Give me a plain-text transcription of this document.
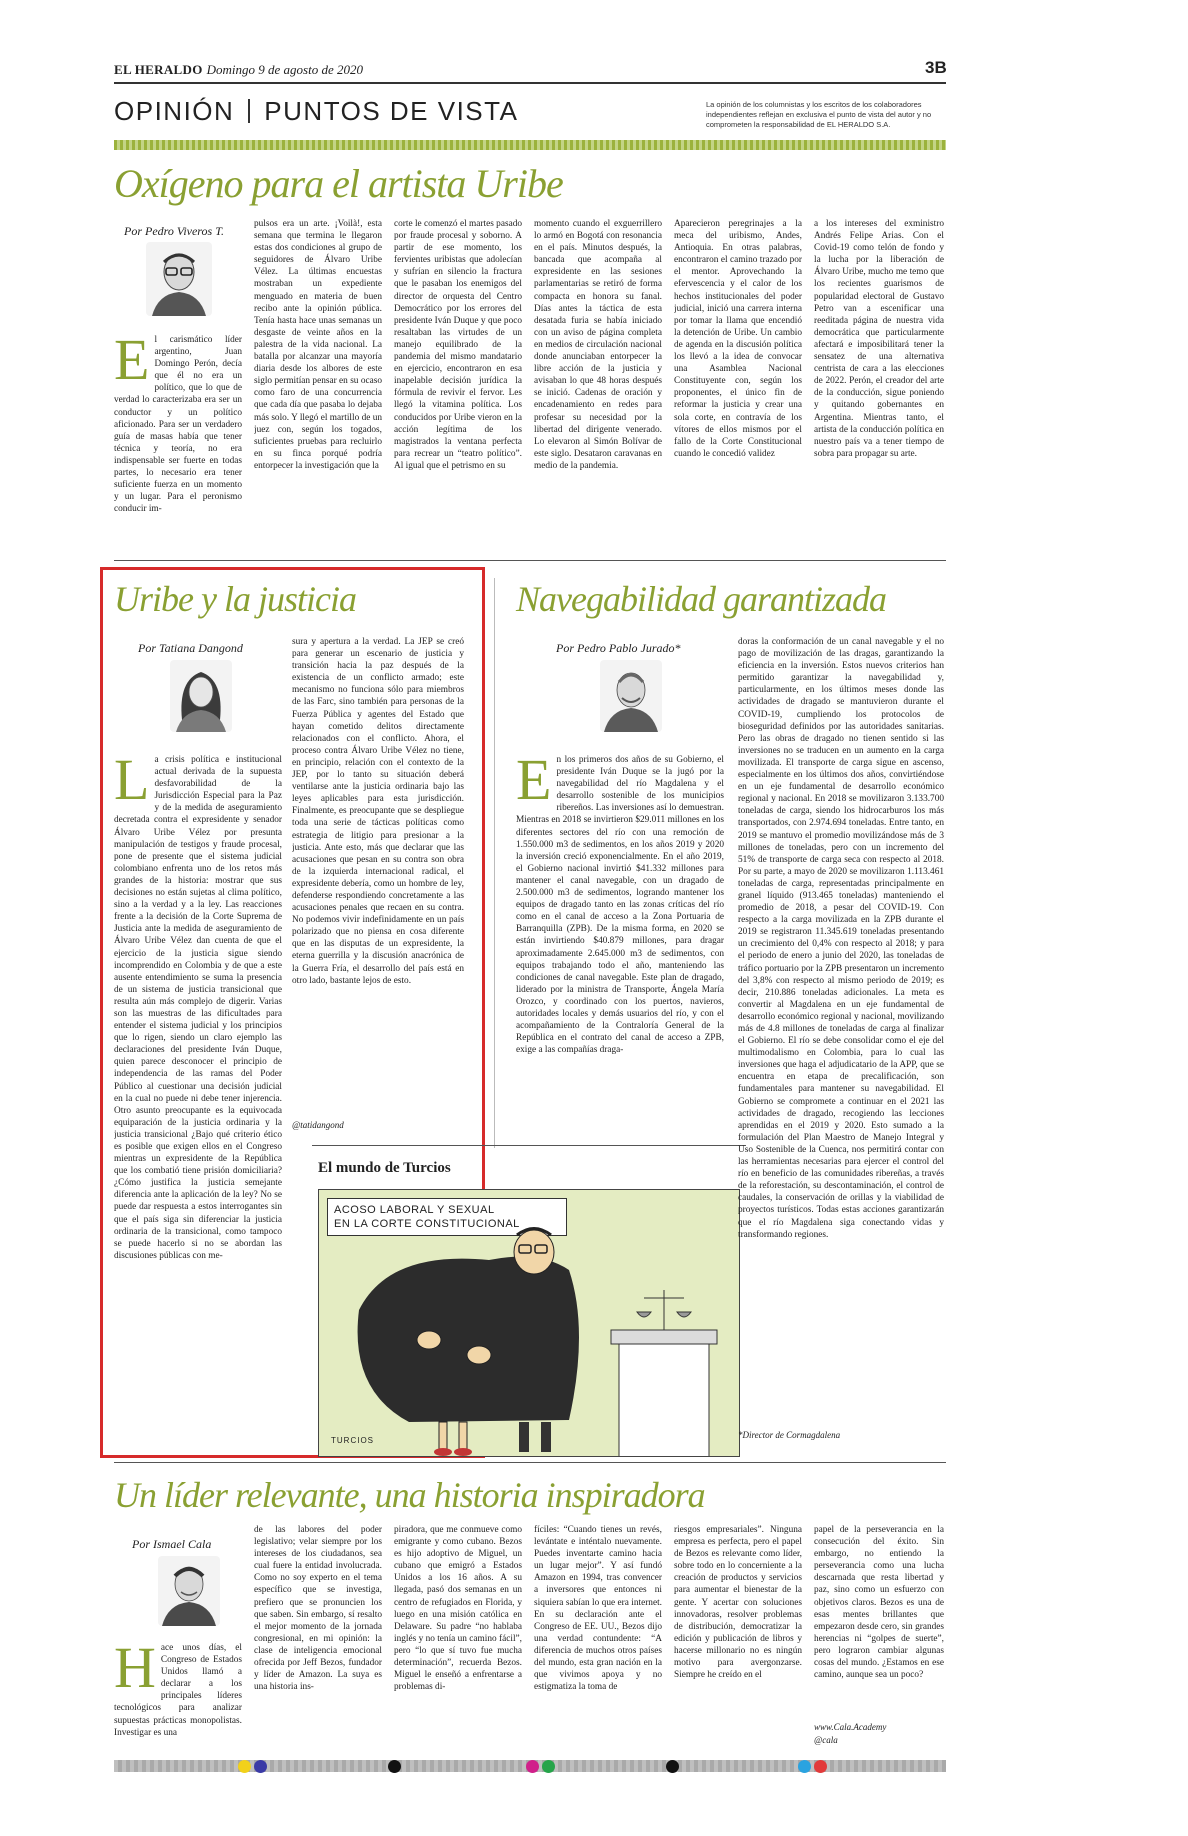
EL HERALDO Domingo 9 de agosto de 2020	3B
OPINIÓN PUNTOS DE VISTA	La opinión de los columnistas y los escritos de los colaboradores independientes reflejan en exclusiva el punto de vista del autor y no comprometen la responsabilidad de EL HERALDO S.A.
Oxígeno para el artista Uribe
Por Pedro Viveros T.
El carismático líder argentino, Juan Domingo Perón, decía que él no era un político, que lo que de verdad lo caracterizaba era ser un conductor y un político aficionado. Para ser un verdadero guía de masas había que tener técnica y teoría, no era indispensable ser fuerte en todas partes, lo necesario era tener suficiente fuerza en un momento y un lugar. Para el peronismo conducir im-
pulsos era un arte. ¡Voilà!, esta semana que termina le llegaron estas dos condiciones al grupo de seguidores de Álvaro Uribe Vélez. La últimas encuestas mostraban un expediente menguado en materia de buen recibo ante la opinión pública. Tenía hasta hace unas semanas un desgaste de veinte años en la palestra de la vida nacional. La batalla por alcanzar una mayoría diaria desde los albores de este siglo permitían pensar en su ocaso como faro de una concurrencia que cada día que pasaba lo dejaba más solo. Y llegó el martillo de un juez con, según los togados, suficientes pruebas para recluirlo en su finca porqué podría entorpecer la investigación que la
corte le comenzó el martes pasado por fraude procesal y soborno. A partir de ese momento, los fervientes uribistas que adolecían y sufrían en silencio la fractura que le pasaban los enemigos del director de orquesta del Centro Democrático por los errores del presidente Iván Duque y que poco resaltaban las virtudes de un manejo equilibrado de la pandemia del mismo mandatario en ejercicio, encontraron en esa inapelable decisión jurídica la fórmula de revivir el fervor. Les llegó la vitamina política. Los conducidos por Uribe vieron en la acción legítima de los magistrados la ventana perfecta para recrear un “teatro político”. Al igual que el petrismo en su
momento cuando el exguerrillero lo armó en Bogotá con resonancia en el país. Minutos después, la bancada que acompaña al expresidente en las sesiones parlamentarias se retiró de forma compacta en honora su fanal. Días antes la táctica de esta desatada furia se había iniciado con un aviso de página completa en medios de circulación nacional donde anunciaban entorpecer la libre acción de la justicia y avisaban lo que 48 horas después se inició. Cadenas de oración y encadenamiento en redes para profesar su necesidad por la libertad del dirigente venerado. Lo elevaron al Simón Bolívar de este siglo. Desataron caravanas en medio de la pandemia.
Aparecieron peregrinajes a la meca del uribismo, Andes, Antioquia. En otras palabras, encontraron el camino trazado por el mentor. Aprovechando la efervescencia y el calor de los hechos institucionales del poder judicial, inició una carrera interna por tomar la llama que encendió la detención de Uribe. Un cambio de agenda en la discusión política los llevó a la idea de convocar una Asamblea Nacional Constituyente con, según los proponentes, el único fin de reformar la justicia y crear una sola corte, en contravía de los vítores de ellos mismos por el fallo de la Corte Constitucional cuando le concedió validez
a los intereses del exministro Andrés Felipe Arias. Con el Covid-19 como telón de fondo y la lucha por la liberación de Álvaro Uribe, mucho me temo que los recientes guarismos de popularidad electoral de Gustavo Petro van a escenificar una reeditada página de nuestra vida democrática que particularmente afectará e imposibilitará tener la sensatez de una alternativa centrista de cara a las elecciones de 2022. Perón, el creador del arte de la conducción, sigue poniendo y quitando gobernantes en Argentina. Mientras tanto, el artista de la conducción política en nuestro país va a tener tiempo de sobra para propagar su arte.
Uribe y la justicia
Por Tatiana Dangond
La crisis política e institucional actual derivada de la supuesta desfavorabilidad de la Jurisdicción Especial para la Paz y de la medida de aseguramiento decretada contra el expresidente y senador Álvaro Uribe Vélez por presunta manipulación de testigos y fraude procesal, pone de presente que el sistema judicial colombiano enfrenta uno de los retos más grandes de la historia: mostrar que sus decisiones no están sujetas al clima político, sino a la verdad y a la ley. Las reacciones frente a la decisión de la Corte Suprema de Justicia ante la medida de aseguramiento de Álvaro Uribe Vélez dan cuenta de que el ejercicio de la justicia sigue siendo incomprendido en Colombia y de que a este ausente entendimiento se suma la presencia de un sistema de justicia transicional que resulta aún más complejo de digerir. Varias son las muestras de las dificultades para entender el sistema judicial y los principios que lo rigen, siendo un claro ejemplo las declaraciones del presidente Iván Duque, quien parece desconocer el principio de independencia de las ramas del Poder Público al cuestionar una decisión judicial en la cual no puede ni debe tener injerencia. Otro asunto preocupante es la equivocada equiparación de la justicia ordinaria y la justicia transicional ¿Bajo qué criterio ético es posible que exigen ellos en el Congreso mientras un expresidente de la República que los combatió tiene prisión domiciliaria? ¿Cómo justifica la justicia semejante diferencia ante la aplicación de la ley? No se puede dar respuesta a estos interrogantes sin que el país siga sin diferenciar la justicia ordinaria de la transicional, como tampoco se puede hacerlo si no se abordan las discusiones públicas con me-
sura y apertura a la verdad. La JEP se creó para generar un escenario de justicia y transición hacia la paz después de la existencia de un conflicto armado; este mecanismo no funciona sólo para miembros de las Farc, sino también para personas de la Fuerza Pública y agentes del Estado que hayan cometido delitos directamente relacionados con el conflicto. Ahora, el proceso contra Álvaro Uribe Vélez no tiene, en principio, relación con el contexto de la JEP, por lo tanto su situación deberá ventilarse ante la justicia ordinaria bajo las leyes aplicables para esta jurisdicción. Finalmente, es preocupante que se despliegue toda una serie de tácticas políticas como estrategia de litigio para presionar a la justicia. Ante esto, más que declarar que las acusaciones que pesan en su contra son obra de la izquierda internacional radical, el expresidente debería, como un hombre de ley, defenderse respondiendo concretamente a las acusaciones penales que recaen en su contra. No podemos vivir indefinidamente en un país polarizado que no piensa en cosa diferente que en las disputas de un expresidente, la eterna guerrilla y la discusión anacrónica de la Guerra Fría, el desarrollo del país está en otro lado, bastante lejos de esto.
@tatidangond
El mundo de Turcios
ACOSO LABORAL Y SEXUAL
EN LA CORTE CONSTITUCIONAL
TURCIOS
Navegabilidad garantizada
Por Pedro Pablo Jurado*
En los primeros dos años de su Gobierno, el presidente Iván Duque se la jugó por la navegabilidad del río Magdalena y el desarrollo sostenible de los municipios ribereños. Las inversiones así lo demuestran. Mientras en 2018 se invirtieron $29.011 millones en los diferentes sectores del río con una remoción de 1.550.000 m3 de sedimentos, en los años 2019 y 2020 la inversión creció exponencialmente. En el año 2019, el Gobierno nacional invirtió $41.332 millones para mantener el canal navegable, con un dragado de 2.500.000 m3 de sedimentos, logrando mantener los equipos de dragado tanto en las zonas críticas del río como en el canal de acceso a la Zona Portuaria de Barranquilla (ZPB). De la misma forma, en 2020 se están invirtiendo $40.879 millones, para dragar aproximadamente 2.645.000 m3 de sedimentos, con equipos trabajando todo el año, manteniendo las condiciones de canal navegable. Este plan de dragado, liderado por la ministra de Transporte, Ángela María Orozco, y coordinado con los puertos, navieros, autoridades locales y demás usuarios del río, y con el acompañamiento de la Contraloría General de la República en el contrato del canal de acceso a ZPB, exige a las compañías draga-
doras la conformación de un canal navegable y el no pago de movilización de las dragas, garantizando la eficiencia en la inversión. Estos nuevos criterios han permitido garantizar la navegabilidad y, particularmente, en los últimos meses donde las actividades de dragado se mantuvieron durante el COVID-19, cumpliendo los protocolos de bioseguridad definidos por las autoridades sanitarias. Pero las obras de dragado no tienen sentido si las inversiones no se traducen en un aumento en la carga movilizada. El transporte de carga sigue en ascenso, especialmente en los últimos dos años, convirtiéndose en un eje fundamental de desarrollo económico regional y nacional. En 2018 se movilizaron 3.133.700 toneladas de carga, siendo los hidrocarburos los más transportados, con 2.974.694 toneladas. Entre tanto, en 2019 se mantuvo el promedio movilizándose más de 3 millones de toneladas, pero con un incremento del 51% de transporte de carga seca con respecto al 2018. Por su parte, a mayo de 2020 se movilizaron 1.113.461 toneladas de carga, representadas principalmente en granel líquido (913.465 toneladas) manteniendo el promedio de 2018, a pesar del COVID-19. Con respecto a la carga movilizada en la ZPB durante el 2019 se registraron 11.345.619 toneladas presentando un crecimiento del 0,4% con respecto al 2018; y para el periodo de enero a junio del 2020, las toneladas de tráfico portuario por la ZPB presentaron un incremento del 3,8% con respecto al mismo periodo de 2019; es decir, 210.886 toneladas adicionales. La meta es convertir al Magdalena en un eje fundamental de desarrollo económico regional y nacional, movilizando más de 4.8 millones de toneladas de carga al finalizar el Gobierno. El río se debe consolidar como el eje del multimodalismo en Colombia, para lo cual las inversiones que haga el adjudicatario de la APP, que se encuentra en etapa de precalificación, son fundamentales para mantener su navegabilidad. El Gobierno se compromete a continuar en el 2021 las actividades de dragado, recogiendo las lecciones aprendidas en el 2019 y 2020. Esto sumado a la formulación del Plan Maestro de Manejo Integral y Uso Sostenible de la Cuenca, nos permitirá contar con las herramientas necesarias para ejercer el control del río en beneficio de las comunidades ribereñas, a través de la reforestación, su descontaminación, el control de caudales, la conservación de orillas y la viabilidad de proyectos turísticos. Todas estas acciones garantizarán que el río Magdalena siga conectando vidas y transformando regiones.
*Director de Cormagdalena
Un líder relevante, una historia inspiradora
Por Ismael Cala
Hace unos días, el Congreso de Estados Unidos llamó a declarar a los principales líderes tecnológicos para analizar supuestas prácticas monopolistas. Investigar es una
de las labores del poder legislativo; velar siempre por los intereses de los ciudadanos, sea cual fuere la entidad involucrada. Como no soy experto en el tema específico que se investiga, prefiero que se pronuncien los que saben. Sin embargo, sí resalto el mejor momento de la jornada congresional, en mi opinión: la clase de inteligencia emocional ofrecida por Jeff Bezos, fundador y líder de Amazon. La suya es una historia ins-
piradora, que me conmueve como emigrante y como cubano. Bezos es hijo adoptivo de Miguel, un cubano que emigró a Estados Unidos a los 16 años. A su llegada, pasó dos semanas en un centro de refugiados en Florida, y luego en una misión católica en Delaware. Su padre “no hablaba inglés y no tenía un camino fácil”, pero “lo que sí tuvo fue mucha determinación”, recuerda Bezos. Miguel le enseñó a enfrentarse a problemas di-
fíciles: “Cuando tienes un revés, levántate e inténtalo nuevamente. Puedes inventarte camino hacia un lugar mejor”. Y así fundó Amazon en 1994, tras convencer a inversores que entonces ni siquiera sabían lo que era internet. En su declaración ante el Congreso de EE. UU., Bezos dijo una verdad contundente: “A diferencia de muchos otros países del mundo, esta gran nación en la que vivimos apoya y no estigmatiza la toma de
riesgos empresariales”. Ninguna empresa es perfecta, pero el papel de Bezos es relevante como líder, sobre todo en lo concerniente a la creación de productos y servicios para aumentar el bienestar de la gente. Y acertar con soluciones innovadoras, resolver problemas de distribución, democratizar la edición y publicación de libros y hacerse millonario no es ningún motivo para avergonzarse. Siempre he creído en el
papel de la perseverancia en la consecución del éxito. Sin embargo, no entiendo la perseverancia como una lucha descarnada que resta libertad y paz, sino como un esfuerzo con objetivos claros. Bezos es una de esas mentes brillantes que empezaron desde cero, sin grandes herencias ni “golpes de suerte”, pero lograron cambiar algunas cosas del mundo. ¿Estamos en ese camino, aunque sea un poco?
www.Cala.Academy
@cala
